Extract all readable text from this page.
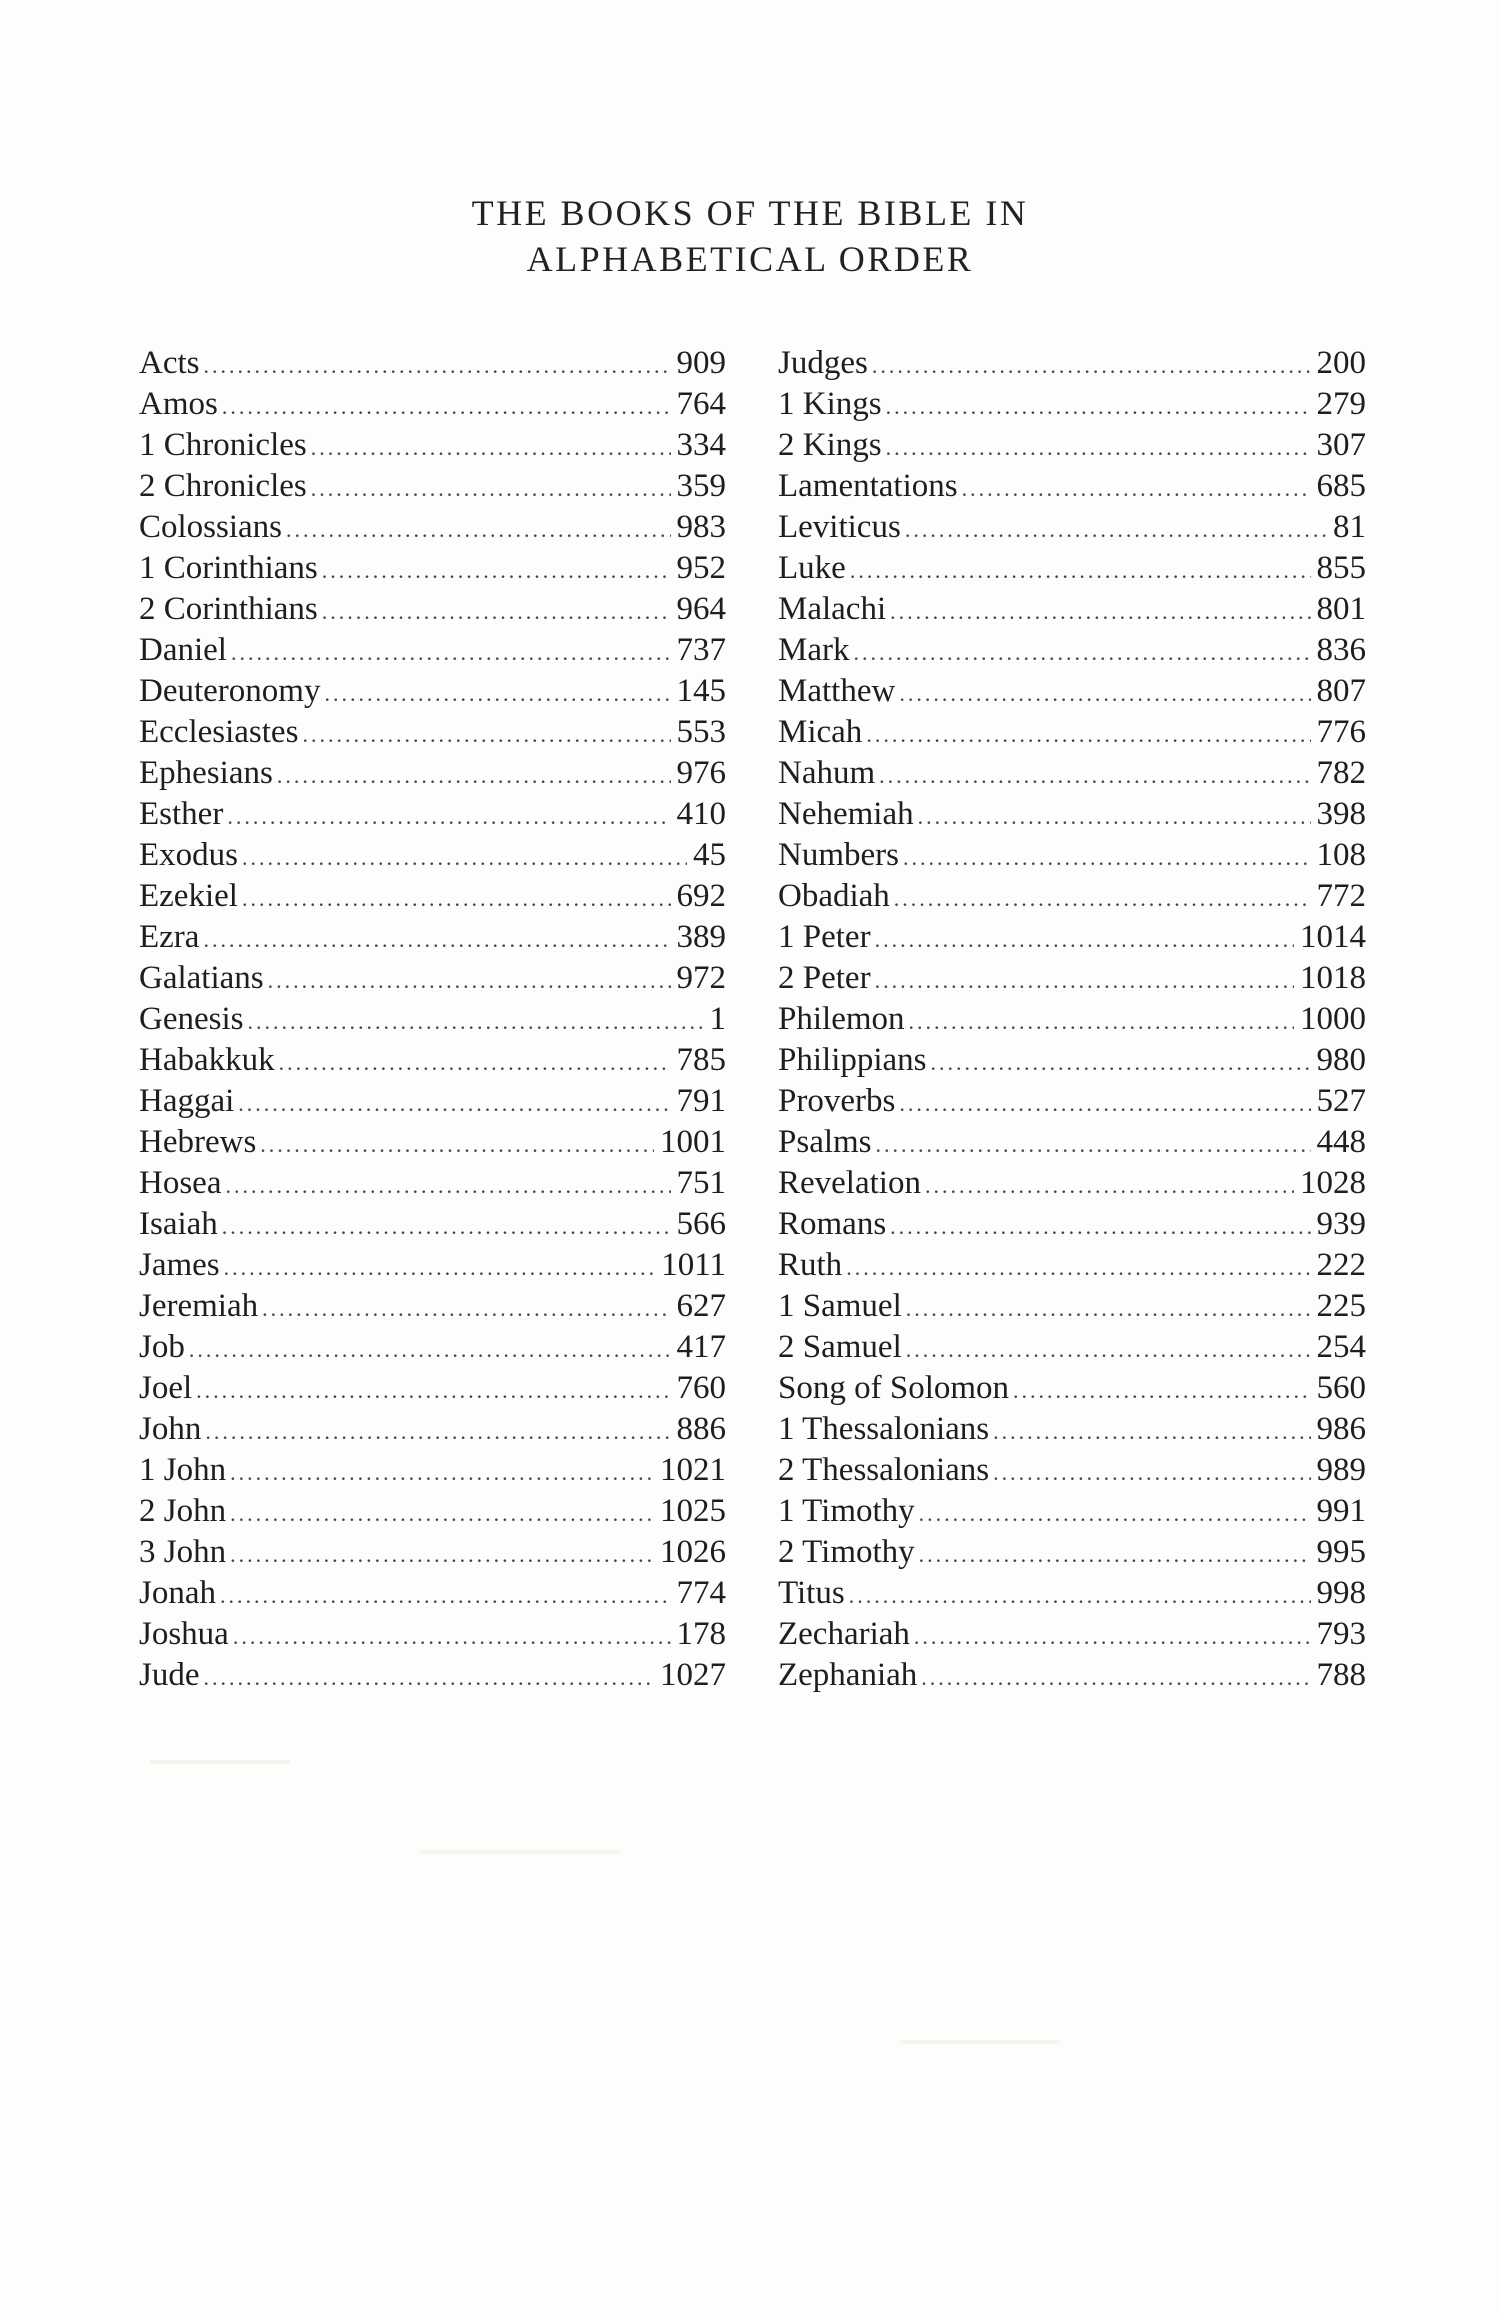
THE BOOKS OF THE BIBLE IN
ALPHABETICAL ORDER
Acts .....	909
Amos .....	764
1 Chronicles .....	334
2 Chronicles .....	359
Colossians .....	983
1 Corinthians .....	952
2 Corinthians .....	964
Daniel .....	737
Deuteronomy .....	145
Ecclesiastes .....	553
Ephesians .....	976
Esther .....	410
Exodus .....	45
Ezekiel .....	692
Ezra .....	389
Galatians .....	972
Genesis .....	1
Habakkuk .....	785
Haggai .....	791
Hebrews .....	1001
Hosea .....	751
Isaiah .....	566
James .....	1011
Jeremiah .....	627
Job .....	417
Joel .....	760
John .....	886
1 John .....	1021
2 John .....	1025
3 John .....	1026
Jonah .....	774
Joshua .....	178
Jude .....	1027
Judges .....	200
1 Kings .....	279
2 Kings .....	307
Lamentations .....	685
Leviticus .....	81
Luke .....	855
Malachi .....	801
Mark .....	836
Matthew .....	807
Micah .....	776
Nahum .....	782
Nehemiah .....	398
Numbers .....	108
Obadiah .....	772
1 Peter .....	1014
2 Peter .....	1018
Philemon .....	1000
Philippians .....	980
Proverbs .....	527
Psalms .....	448
Revelation .....	1028
Romans .....	939
Ruth .....	222
1 Samuel .....	225
2 Samuel .....	254
Song of Solomon .....	560
1 Thessalonians .....	986
2 Thessalonians .....	989
1 Timothy .....	991
2 Timothy .....	995
Titus .....	998
Zechariah .....	793
Zephaniah .....	788
